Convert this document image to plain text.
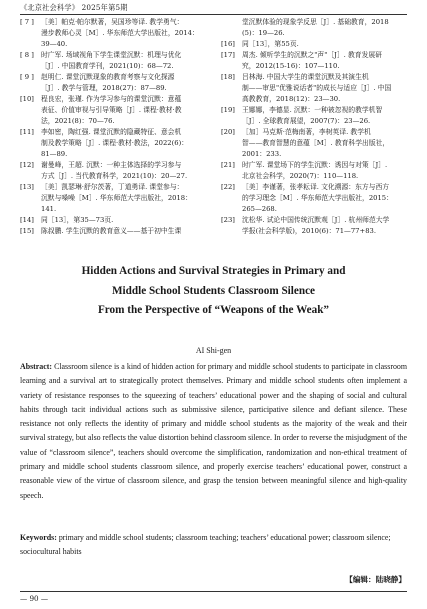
《北京社会科学》 2025年第5期
[ 7 ] ［美］帕克·帕尔默著，吴国珍等译. 教学勇气：
漫步教师心灵［M］. 华东师范大学出版社，2014：
39—40.
[ 8 ] 时广军. 场域视角下学生课堂沉默：机理与优化
［J］. 中国教育学刊，2021(10)：68—72.
[ 9 ] 赵明仁. 课堂沉默现象的教育考察与文化探源
［J］. 教学与管理，2018(27)：87—89.
[10] 程良宏，张瑾. 作为学习参与的课堂沉默：意蕴
表征、价值审视与引导策略［J］. 课程·教材·教
法，2021(8)：70—76.
[11] 李如密，陶红强. 课堂沉默的隐藏特征、意会机
制及教学策略［J］. 课程·教材·教法，2022(6)：
81—89.
[12] 谢曼峰，王超. 沉默：一种主体选择的学习参与
方式［J］. 当代教育科学，2021(10)：20—27.
[13] ［美］凯瑟琳·舒尔茨著，丁道勇译. 课堂参与：
沉默与嗓噪［M］. 华东师范大学出版社，2018：
141.
[14] 同［13］，第35—73页.
[15] 陈叔鹏. 学生沉默的教育意义——基于初中生课
堂沉默体验的现象学反思［J］. 基础教育，2018
(5)：19—26.
[16] 同［13］，第55页.
[17] 周杰. 倾听学生的沉默之"声"［J］. 教育发展研
究，2012(15-16)：107—110.
[18] 吕林海. 中国大学生的课堂沉默及其演生机
制——审思"优雅说话者"的成长与适应［J］. 中国
高教教育，2018(12)：23—30.
[19] 王娜娜，李德显. 沉默：一种被忽视的教学机智
［J］. 全球教育展望，2007(7)：23—26.
[20] ［加］马克斯·范梅南著，李树英译. 教学机
智——教育智慧的意蕴［M］. 教育科学出版社，
2001：233.
[21] 时广军. 课堂场下的学生沉默：诱因与对策［J］.
北京社会科学，2020(7)：110—118.
[22] ［美］李谨著，张孝耘译. 文化溯源：东方与西方
的学习理念［M］. 华东师范大学出版社，2015：
265—268.
[23] 沈松华. 试论中国传统沉默观［J］. 杭州师范大学
学报(社会科学版)，2010(6)：71—77+83.
Hidden Actions and Survival Strategies in Primary and
Middle School Students Classroom Silence
From the Perspective of “Weapons of the Weak”
AI Shi-gen
Abstract: Classroom silence is a kind of hidden action for primary and middle school students to participate in classroom learning and a survival art to strategically protect themselves. Primary and middle school students often implement a variety of resistance responses to the squeezing of teachers’ educational power and the shaping of social and cultural habits through tacit individual actions such as submissive silence, participative silence and defiant silence. These resistance not only reflects the identity of primary and middle school students as the majority of the weak and their survival strategy, but also reflects the value distortion behind classroom silence. In order to reverse the misjudgment of the value of “classroom silence”, teachers should overcome the simplification, randomization and non-ethical treatment of primary and middle school students classroom silence, and properly exercise teachers’ educational power, construct a reasonable view of the virtue of classroom silence, and grasp the tension between meaningful silence and high-quality speech.
Keywords: primary and middle school students; classroom teaching; teachers’ educational power; classroom silence; sociocultural habits
【编辑：陆晓静】
— 90 —
